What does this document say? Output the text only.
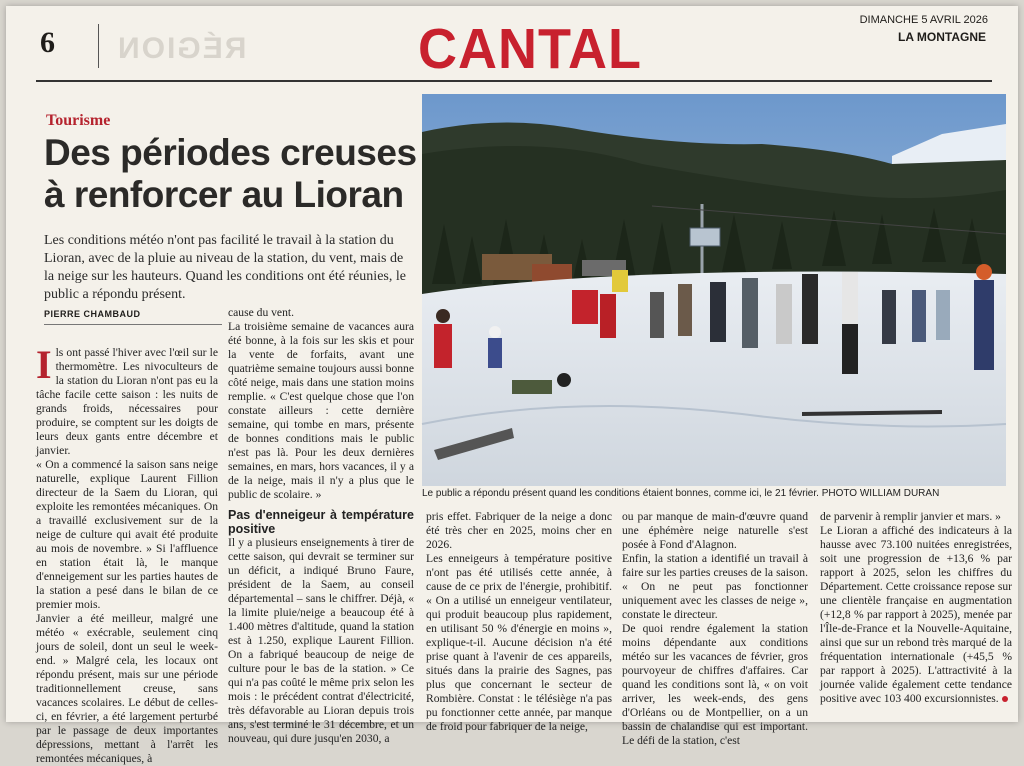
6 RÉGION	CANTAL	DIMANCHE 5 AVRIL 2026
LA MONTAGNE
Tourisme
Des périodes creuses à renforcer au Lioran
Les conditions météo n'ont pas facilité le travail à la station du Lioran, avec de la pluie au niveau de la station, du vent, mais de la neige sur les hauteurs. Quand les conditions ont été réunies, le public a répondu présent.
PIERRE CHAMBAUD
Le public a répondu présent quand les conditions étaient bonnes, comme ici, le 21 février. PHOTO WILLIAM DURAN

Ils ont passé l'hiver avec l'œil sur le thermomètre. Les nivoculteurs de la station du Lioran n'ont pas eu la tâche facile cette saison : les nuits de grands froids, nécessaires pour produire, se comptent sur les doigts de leurs deux gants entre décembre et janvier.

« On a commencé la saison sans neige naturelle, explique Laurent Fillion directeur de la Saem du Lioran, qui exploite les remontées mécaniques. On a travaillé exclusivement sur de la neige de culture qui avait été produite au mois de novembre. » Si l'affluence en station était là, le manque d'enneigement sur les parties hautes de la station a pesé dans le bilan de ce premier mois.

Janvier a été meilleur, malgré une météo « exécrable, seulement cinq jours de soleil, dont un seul le week-end. » Malgré cela, les locaux ont répondu présent, mais sur une période traditionnellement creuse, sans vacances scolaires. Le début de celles-ci, en février, a été largement perturbé par le passage de deux importantes dépressions, mettant à l'arrêt les remontées mécaniques, à

cause du vent.

La troisième semaine de vacances aura été bonne, à la fois sur les skis et pour la vente de forfaits, avant une quatrième semaine toujours aussi bonne côté neige, mais dans une station moins remplie. « C'est quelque chose que l'on constate ailleurs : cette dernière semaine, qui tombe en mars, présente de bonnes conditions mais le public n'est pas là. Pour les deux dernières semaines, en mars, hors vacances, il y a de la neige, mais il n'y a plus que le public de scolaire. »

Pas d'enneigeur à température positive

Il y a plusieurs enseignements à tirer de cette saison, qui devrait se terminer sur un déficit, a indiqué Bruno Faure, président de la Saem, au conseil départemental – sans le chiffrer. Déjà, « la limite pluie/neige a beaucoup été à 1.400 mètres d'altitude, quand la station est à 1.250, explique Laurent Fillion. On a fabriqué beaucoup de neige de culture pour le bas de la station. » Ce qui n'a pas coûté le même prix selon les mois : le précédent contrat d'électricité, très défavorable au Lioran depuis trois ans, s'est terminé le 31 décembre, et un nouveau, qui dure jusqu'en 2030, a

pris effet. Fabriquer de la neige a donc été très cher en 2025, moins cher en 2026.

Les enneigeurs à température positive n'ont pas été utilisés cette année, à cause de ce prix de l'énergie, prohibitif. « On a utilisé un enneigeur ventilateur, qui produit beaucoup plus rapidement, en utilisant 50 % d'énergie en moins », explique-t-il. Aucune décision n'a été prise quant à l'avenir de ces appareils, situés dans la prairie des Sagnes, pas plus que concernant le secteur de Rombière. Constat : le télésiège n'a pas pu fonctionner cette année, par manque de froid pour fabriquer de la neige,

ou par manque de main-d'œuvre quand une éphémère neige naturelle s'est posée à Fond d'Alagnon.

Enfin, la station a identifié un travail à faire sur les parties creuses de la saison. « On ne peut pas fonctionner uniquement avec les classes de neige », constate le directeur.

De quoi rendre également la station moins dépendante aux conditions météo sur les vacances de février, gros pourvoyeur de chiffres d'affaires. Car quand les conditions sont là, « on voit arriver, les week-ends, des gens d'Orléans ou de Montpellier, on a un bassin de chalandise qui est important. Le défi de la station, c'est

de parvenir à remplir janvier et mars. »

Le Lioran a affiché des indicateurs à la hausse avec 73.100 nuitées enregistrées, soit une progression de +13,6 % par rapport à 2025, selon les chiffres du Département. Cette croissance repose sur une clientèle française en augmentation (+12,8 % par rapport à 2025), menée par l'Île-de-France et la Nouvelle-Aquitaine, ainsi que sur un rebond très marqué de la fréquentation internationale (+45,5 % par rapport à 2025). L'attractivité à la journée valide également cette tendance positive avec 103 400 excursionnistes.
